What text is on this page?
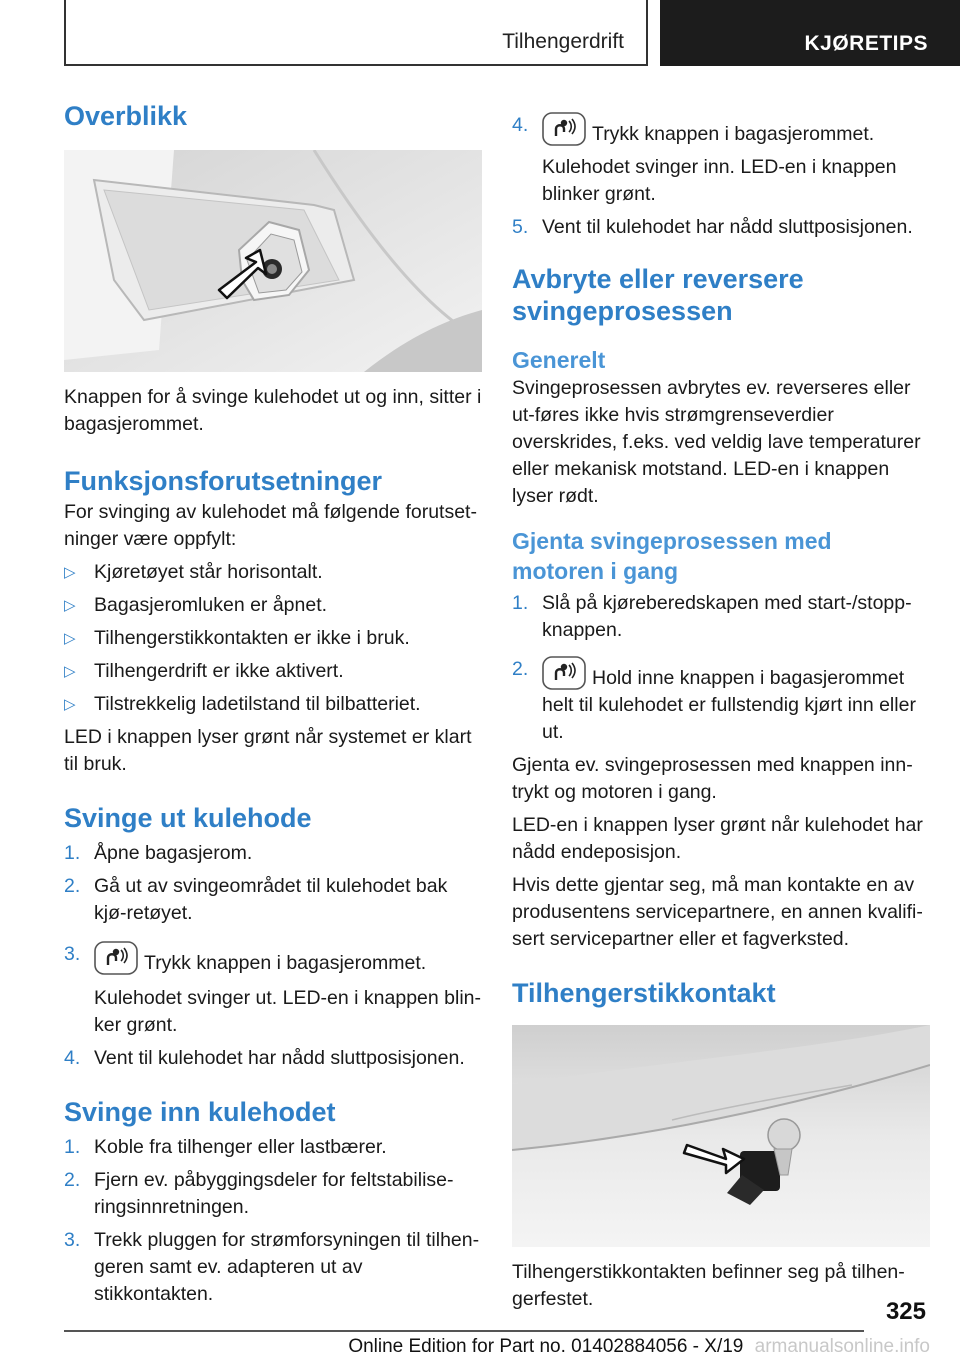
Tilhengerdrift	KJØRETIPS
Overblikk

Knappen for å svinge kulehodet ut og inn, sitter i bagasjerommet.

Funksjonsforutsetninger

For svinging av kulehodet må følgende forutset-ninger være oppfylt:

▷ Kjøretøyet står horisontalt.
▷ Bagasjeromluken er åpnet.
▷ Tilhengerstikkontakten er ikke i bruk.
▷ Tilhengerdrift er ikke aktivert.
▷ Tilstrekkelig ladetilstand til bilbatteriet.

LED i knappen lyser grønt når systemet er klart til bruk.

Svinge ut kulehode
1. Åpne bagasjerom.
2. Gå ut av svingeområdet til kulehodet bak kjø-retøyet.
3.	Trykk knappen i bagasjerommet.

Kulehodet svinger ut. LED-en i knappen blin-ker grønt.

4. Vent til kulehodet har nådd sluttposisjonen.
Svinge inn kulehodet
1. Koble fra tilhenger eller lastbærer.
2. Fjern ev. påbyggingsdeler for feltstabilise-ringsinnretningen.
3. Trekk pluggen for strømforsyningen til tilhen-geren samt ev. adapteren ut av stikkontakten.
4.	Trykk knappen i bagasjerommet.

Kulehodet svinger inn. LED-en i knappen blinker grønt.

5. Vent til kulehodet har nådd sluttposisjonen.
Avbryte eller reversere svingeprosessen
Generelt

Svingeprosessen avbrytes ev. reverseres eller ut-føres ikke hvis strømgrenseverdier overskrides, f.eks. ved veldig lave temperaturer eller mekanisk motstand. LED-en i knappen lyser rødt.

Gjenta svingeprosessen med motoren i gang
1. Slå på kjøreberedskapen med start-/stopp-knappen.
2.	Hold inne knappen i bagasjerommet helt til kulehodet er fullstendig kjørt inn eller ut.

Gjenta ev. svingeprosessen med knappen inn-trykt og motoren i gang.

LED-en i knappen lyser grønt når kulehodet har nådd endeposisjon.

Hvis dette gjentar seg, må man kontakte en av produsentens servicepartnere, en annen kvalifi-sert servicepartner eller et fagverksted.

Tilhengerstikkontakt

Tilhengerstikkontakten befinner seg på tilhen-gerfestet.	325
Online Edition for Part no. 01402884056 - X/19 armanualsonline.info
